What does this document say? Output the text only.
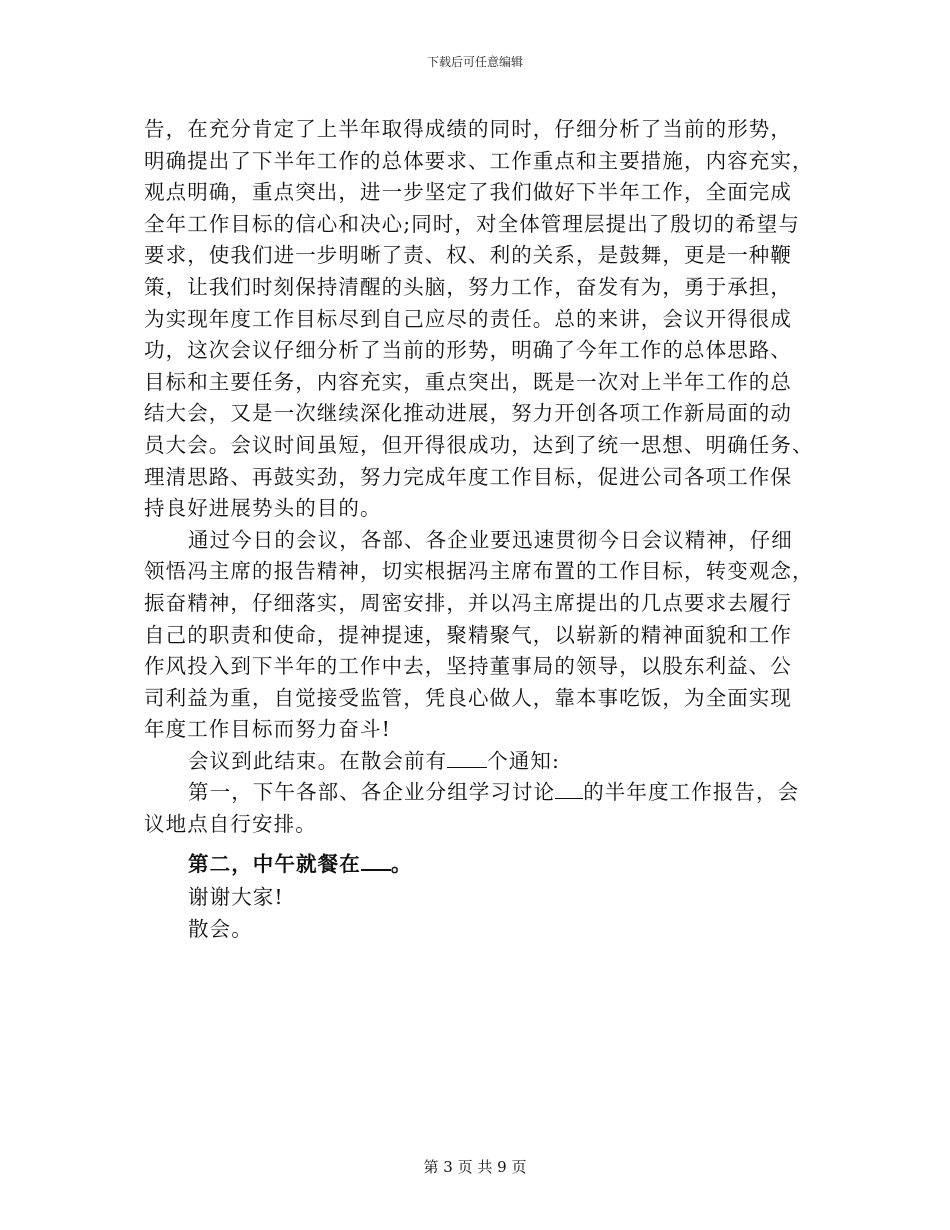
下载后可任意编辑
告，在充分肯定了上半年取得成绩的同时，仔细分析了当前的形势，
明确提出了下半年工作的总体要求、工作重点和主要措施，内容充实，
观点明确，重点突出，进一步坚定了我们做好下半年工作，全面完成
全年工作目标的信心和决心;同时，对全体管理层提出了殷切的希望与
要求，使我们进一步明晰了责、权、利的关系，是鼓舞，更是一种鞭
策，让我们时刻保持清醒的头脑，努力工作，奋发有为，勇于承担，
为实现年度工作目标尽到自己应尽的责任。总的来讲，会议开得很成
功，这次会议仔细分析了当前的形势，明确了今年工作的总体思路、
目标和主要任务，内容充实，重点突出，既是一次对上半年工作的总
结大会，又是一次继续深化推动进展，努力开创各项工作新局面的动
员大会。会议时间虽短，但开得很成功，达到了统一思想、明确任务、
理清思路、再鼓实劲，努力完成年度工作目标，促进公司各项工作保
持良好进展势头的目的。
通过今日的会议，各部、各企业要迅速贯彻今日会议精神，仔细
领悟冯主席的报告精神，切实根据冯主席布置的工作目标，转变观念，
振奋精神，仔细落实，周密安排，并以冯主席提出的几点要求去履行
自己的职责和使命，提神提速，聚精聚气，以崭新的精神面貌和工作
作风投入到下半年的工作中去，坚持董事局的领导，以股东利益、公
司利益为重，自觉接受监管，凭良心做人，靠本事吃饭，为全面实现
年度工作目标而努力奋斗!
会议到此结束。在散会前有 个通知:
第一，下午各部、各企业分组学习讨论 的半年度工作报告，会
议地点自行安排。
第二，中午就餐在 。
谢谢大家!
散会。
第 3 页 共 9 页
